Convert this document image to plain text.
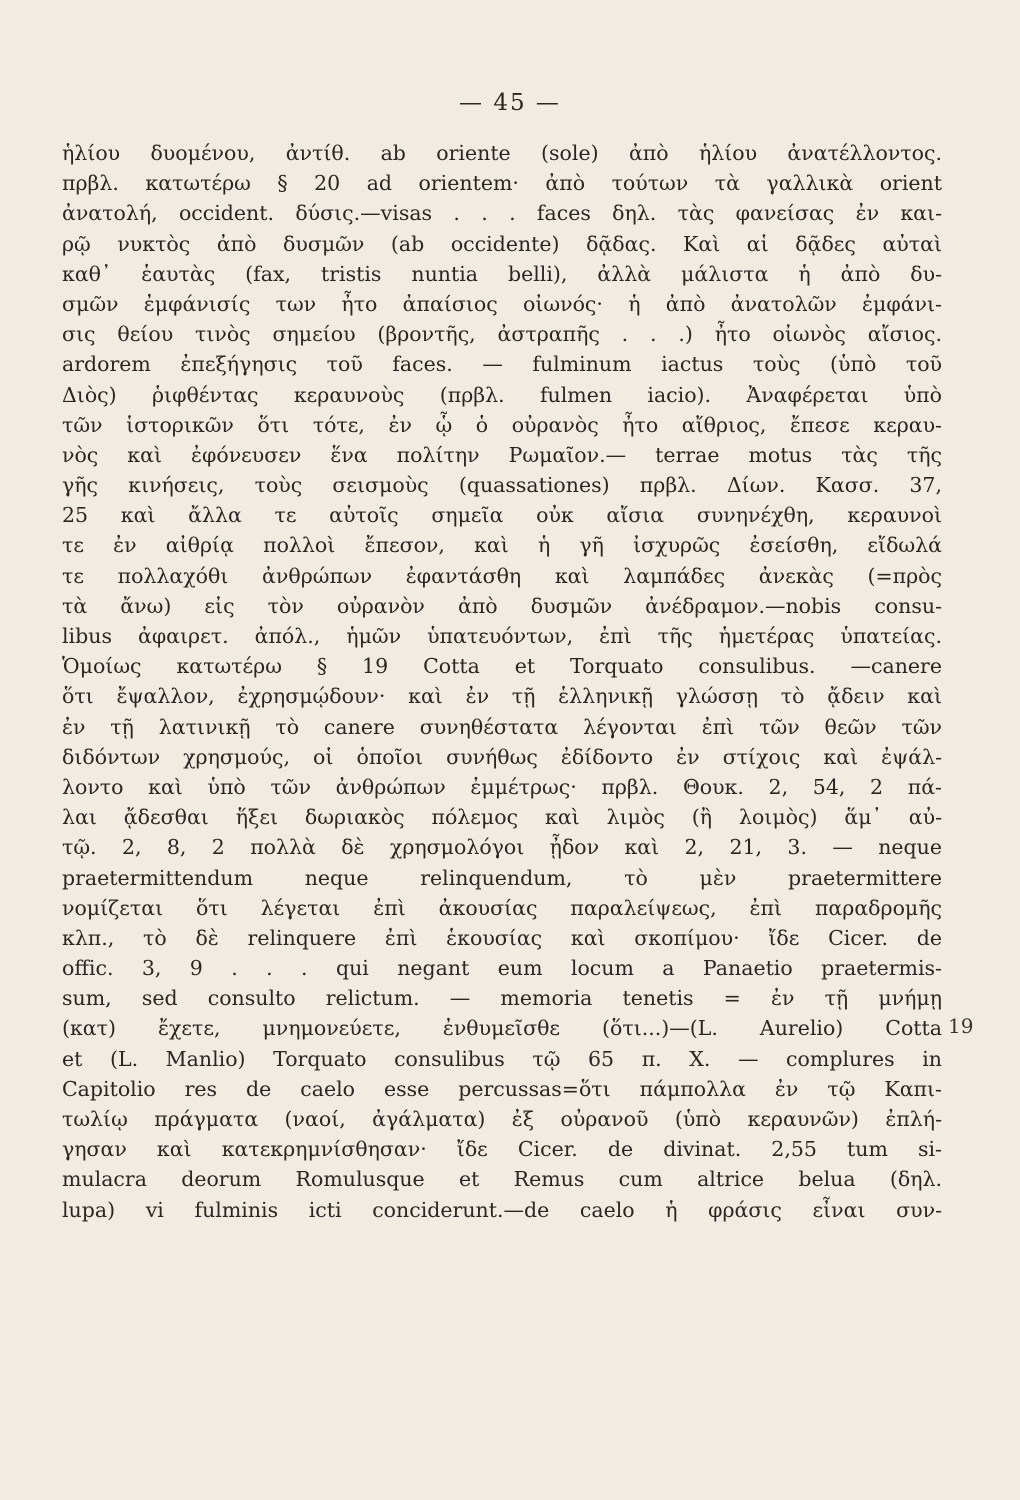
— 45 —
ἡλίου δυομένου, ἀντίθ. ab oriente (sole) ἀπὸ ἡλίου ἀνατέλλοντος.
πρβλ. κατωτέρω § 20 ad orientem· ἀπὸ τούτων τὰ γαλλικὰ orient
ἀνατολή, occident. δύσις.—visas . . . faces δηλ. τὰς φανείσας ἐν και-
ρῷ νυκτὸς ἀπὸ δυσμῶν (ab occidente) δᾷδας. Καὶ αἱ δᾷδες αὐταὶ
καθ᾽ ἑαυτὰς (fax, tristis nuntia belli), ἀλλὰ μάλιστα ἡ ἀπὸ δυ-
σμῶν ἐμφάνισίς των ἦτο ἀπαίσιος οἰωνός· ἡ ἀπὸ ἀνατολῶν ἐμφάνι-
σις θείου τινὸς σημείου (βροντῆς, ἀστραπῆς . . .) ἦτο οἰωνὸς αἴσιος.
ardorem ἐπεξήγησις τοῦ faces. — fulminum iactus τοὺς (ὑπὸ τοῦ
Διὸς) ῥιφθέντας κεραυνοὺς (πρβλ. fulmen iacio). Ἀναφέρεται ὑπὸ
τῶν ἱστορικῶν ὅτι τότε, ἐν ᾧ ὁ οὐρανὸς ἦτο αἴθριος, ἔπεσε κεραυ-
νὸς καὶ ἐφόνευσεν ἕνα πολίτην Ρωμαῖον.— terrae motus τὰς τῆς
γῆς κινήσεις, τοὺς σεισμοὺς (quassationes) πρβλ. Δίων. Κασσ. 37,
25 καὶ ἄλλα τε αὐτοῖς σημεῖα οὐκ αἴσια συνηνέχθη, κεραυνοὶ
τε ἐν αἰθρίᾳ πολλοὶ ἔπεσον, καὶ ἡ γῆ ἰσχυρῶς ἐσείσθη, εἴδωλά
τε πολλαχόθι ἀνθρώπων ἐφαντάσθη καὶ λαμπάδες ἀνεκὰς (=πρὸς
τὰ ἄνω) εἰς τὸν οὐρανὸν ἀπὸ δυσμῶν ἀνέδραμον.—nobis consu-
libus ἀφαιρετ. ἀπόλ., ἡμῶν ὑπατευόντων, ἐπὶ τῆς ἡμετέρας ὑπατείας.
Ὁμοίως κατωτέρω § 19 Cotta et Torquato consulibus. —canere
ὅτι ἔψαλλον, ἐχρησμῴδουν· καὶ ἐν τῇ ἑλληνικῇ γλώσσῃ τὸ ᾄδειν καὶ
ἐν τῇ λατινικῇ τὸ canere συνηθέστατα λέγονται ἐπὶ τῶν θεῶν τῶν
διδόντων χρησμούς, οἱ ὁποῖοι συνήθως ἐδίδοντο ἐν στίχοις καὶ ἐψάλ-
λοντο καὶ ὑπὸ τῶν ἀνθρώπων ἐμμέτρως· πρβλ. Θουκ. 2, 54, 2 πά-
λαι ᾄδεσθαι ἥξει δωριακὸς πόλεμος καὶ λιμὸς (ἢ λοιμὸς) ἅμ᾽ αὐ-
τῷ. 2, 8, 2 πολλὰ δὲ χρησμολόγοι ᾖδον καὶ 2, 21, 3. — neque
praetermittendum neque relinquendum, τὸ μὲν praetermittere
νομίζεται ὅτι λέγεται ἐπὶ ἀκουσίας παραλείψεως, ἐπὶ παραδρομῆς
κλπ., τὸ δὲ relinquere ἐπὶ ἑκουσίας καὶ σκοπίμου· ἴδε Cicer. de
offic. 3, 9 . . . qui negant eum locum a Panaetio praetermis-
sum, sed consulto relictum. — memoria tenetis = ἐν τῇ μνήμῃ
(κατ) ἔχετε, μνημονεύετε, ἐνθυμεῖσθε (ὅτι...)—(L. Aurelio) Cotta
et (L. Manlio) Torquato consulibus τῷ 65 π. Χ. — complures in
Capitolio res de caelo esse percussas=ὅτι πάμπολλα ἐν τῷ Καπι-
τωλίῳ πράγματα (ναοί, ἀγάλματα) ἐξ οὐρανοῦ (ὑπὸ κεραυνῶν) ἐπλή-
γησαν καὶ κατεκρημνίσθησαν· ἴδε Cicer. de divinat. 2,55 tum si-
mulacra deorum Romulusque et Remus cum altrice belua (δηλ.
lupa) vi fulminis icti conciderunt.—de caelo ἡ φράσις εἶναι συν-
19
